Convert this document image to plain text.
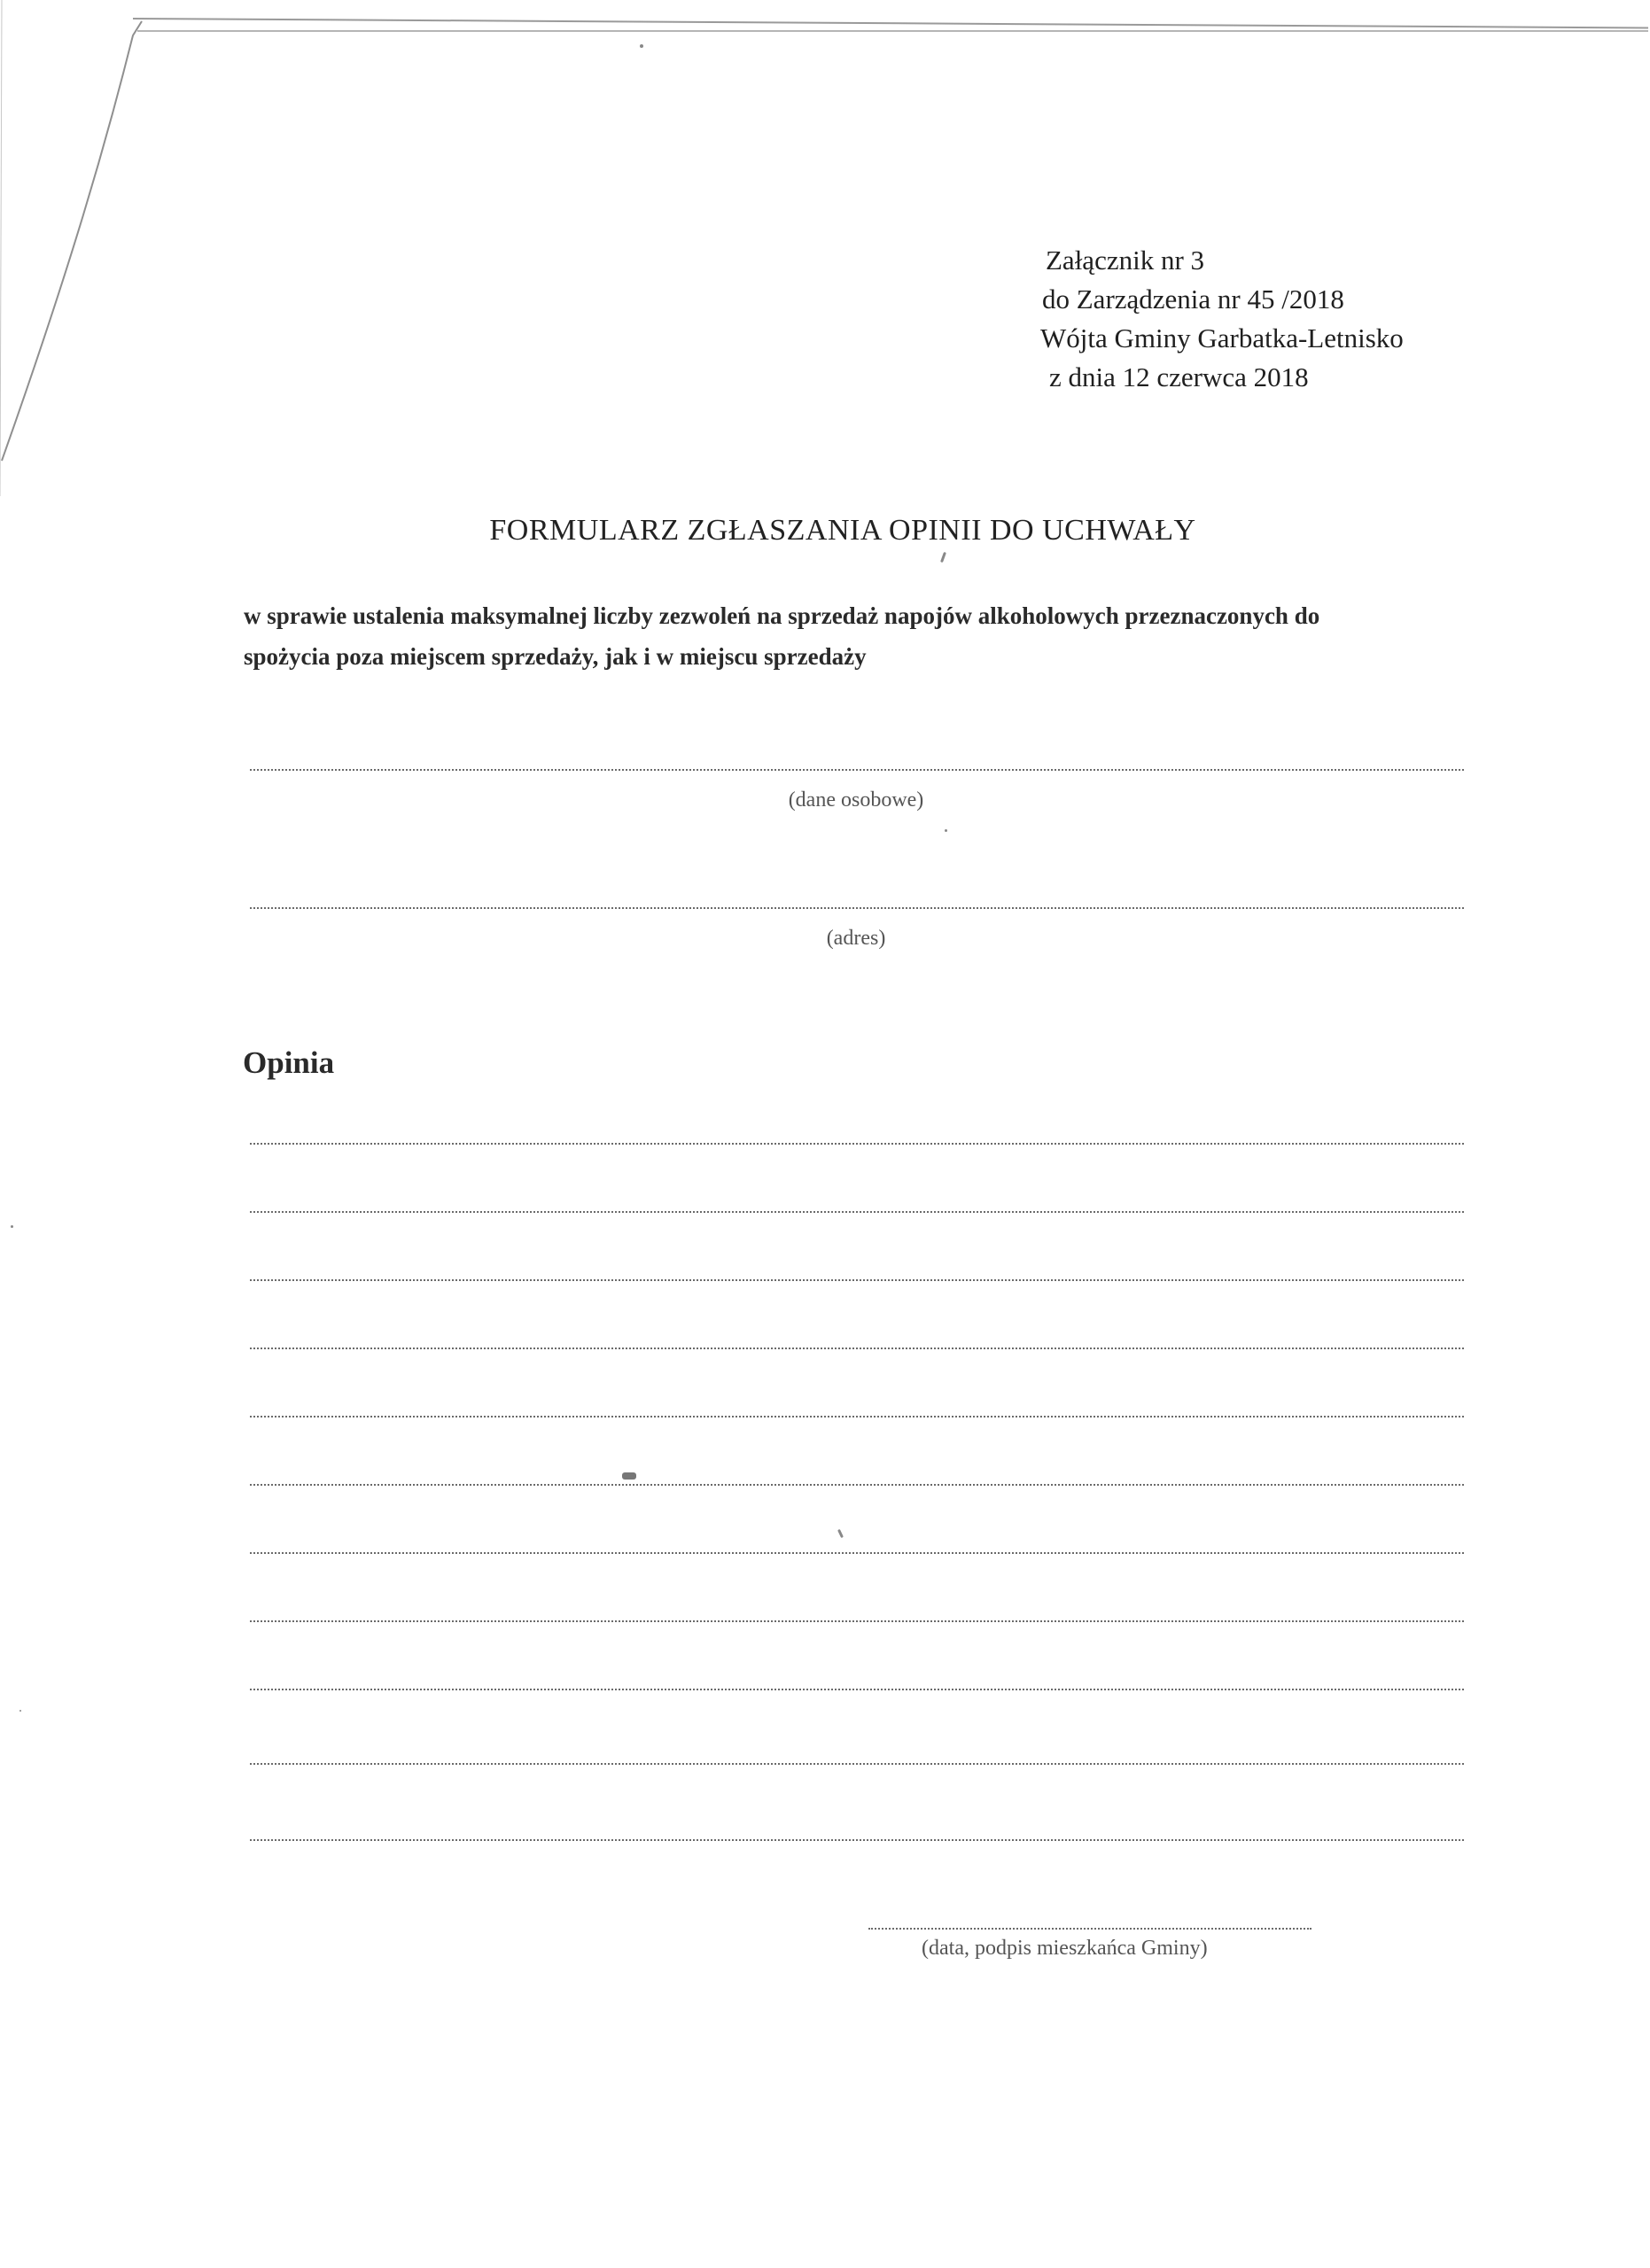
Załącznik nr 3
do Zarządzenia nr 45 /2018
Wójta Gminy Garbatka-Letnisko
z dnia 12 czerwca 2018
FORMULARZ ZGŁASZANIA OPINII DO UCHWAŁY
w sprawie ustalenia maksymalnej liczby zezwoleń na sprzedaż napojów alkoholowych przeznaczonych do
spożycia poza miejscem sprzedaży, jak i w miejscu sprzedaży
(dane osobowe)
(adres)
Opinia
(data, podpis mieszkańca Gminy)
